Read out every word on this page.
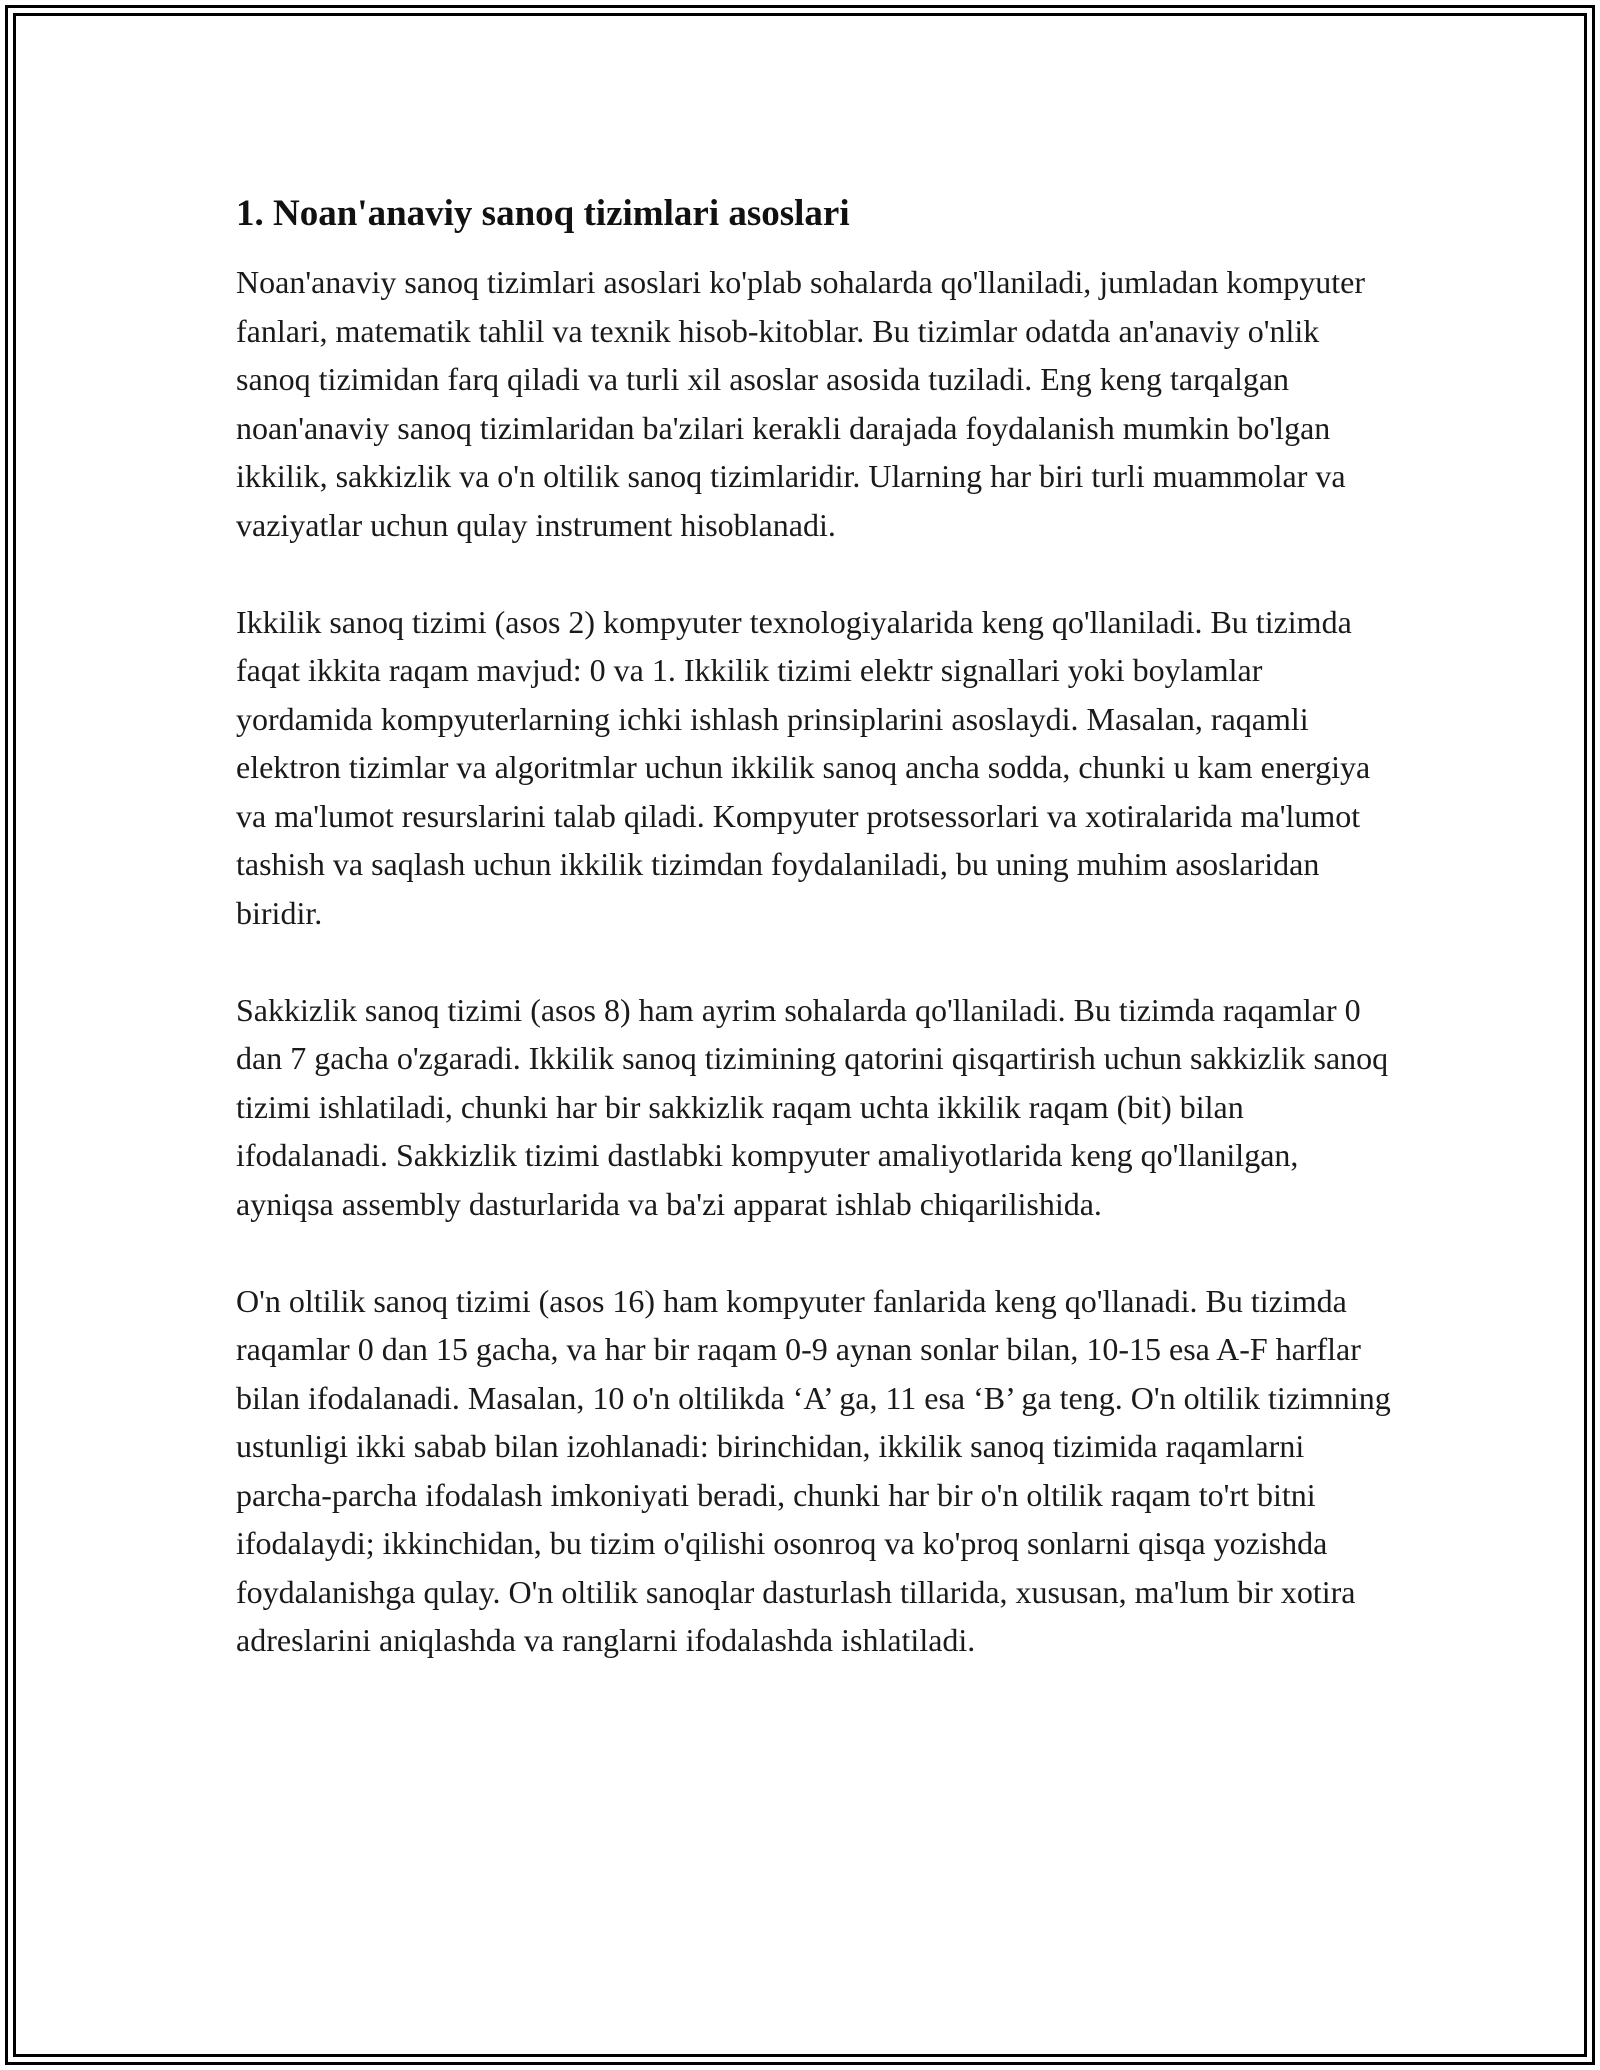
1. Noan'anaviy sanoq tizimlari asoslari

Noan'anaviy sanoq tizimlari asoslari ko'plab sohalarda qo'llaniladi, jumladan kompyuter fanlari, matematik tahlil va texnik hisob-kitoblar. Bu tizimlar odatda an'anaviy o'nlik sanoq tizimidan farq qiladi va turli xil asoslar asosida tuziladi. Eng keng tarqalgan noan'anaviy sanoq tizimlaridan ba'zilari kerakli darajada foydalanish mumkin bo'lgan ikkilik, sakkizlik va o'n oltilik sanoq tizimlaridir. Ularning har biri turli muammolar va vaziyatlar uchun qulay instrument hisoblanadi.

Ikkilik sanoq tizimi (asos 2) kompyuter texnologiyalarida keng qo'llaniladi. Bu tizimda faqat ikkita raqam mavjud: 0 va 1. Ikkilik tizimi elektr signallari yoki boylamlar yordamida kompyuterlarning ichki ishlash prinsiplarini asoslaydi. Masalan, raqamli elektron tizimlar va algoritmlar uchun ikkilik sanoq ancha sodda, chunki u kam energiya va ma'lumot resurslarini talab qiladi. Kompyuter protsessorlari va xotiralarida ma'lumot tashish va saqlash uchun ikkilik tizimdan foydalaniladi, bu uning muhim asoslaridan biridir.

Sakkizlik sanoq tizimi (asos 8) ham ayrim sohalarda qo'llaniladi. Bu tizimda raqamlar 0 dan 7 gacha o'zgaradi. Ikkilik sanoq tizimining qatorini qisqartirish uchun sakkizlik sanoq tizimi ishlatiladi, chunki har bir sakkizlik raqam uchta ikkilik raqam (bit) bilan ifodalanadi. Sakkizlik tizimi dastlabki kompyuter amaliyotlarida keng qo'llanilgan, ayniqsa assembly dasturlarida va ba'zi apparat ishlab chiqarilishida.

O'n oltilik sanoq tizimi (asos 16) ham kompyuter fanlarida keng qo'llanadi. Bu tizimda raqamlar 0 dan 15 gacha, va har bir raqam 0-9 aynan sonlar bilan, 10-15 esa A-F harflar bilan ifodalanadi. Masalan, 10 o'n oltilikda ‘A’ ga, 11 esa ‘B’ ga teng. O'n oltilik tizimning ustunligi ikki sabab bilan izohlanadi: birinchidan, ikkilik sanoq tizimida raqamlarni parcha-parcha ifodalash imkoniyati beradi, chunki har bir o'n oltilik raqam to'rt bitni ifodalaydi; ikkinchidan, bu tizim o'qilishi osonroq va ko'proq sonlarni qisqa yozishda foydalanishga qulay. O'n oltilik sanoqlar dasturlash tillarida, xususan, ma'lum bir xotira adreslarini aniqlashda va ranglarni ifodalashda ishlatiladi.
